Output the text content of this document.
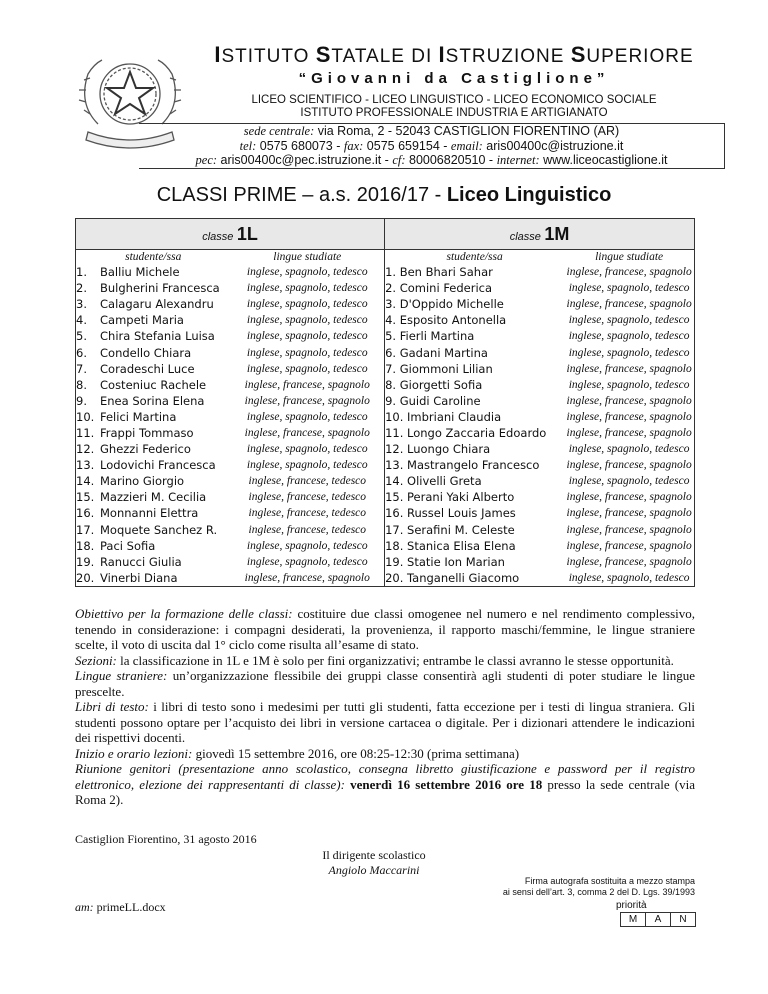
ISTITUTO STATALE DI ISTRUZIONE SUPERIORE
“Giovanni da Castiglione”
LICEO SCIENTIFICO - LICEO LINGUISTICO - LICEO ECONOMICO SOCIALE
ISTITUTO PROFESSIONALE INDUSTRIA E ARTIGIANATO
sede centrale: via Roma, 2 - 52043 CASTIGLION FIORENTINO (AR)
tel: 0575 680073 - fax: 0575 659154 - email: aris00400c@istruzione.it
pec: aris00400c@pec.istruzione.it - cf: 80006820510 - internet: www.liceocastiglione.it
CLASSI PRIME – a.s. 2016/17 - Liceo Linguistico
classe 1L		classe 1M	
studente/ssa	lingue studiate	studente/ssa	lingue studiate
1. Balliu Michele	inglese, spagnolo, tedesco	1. Ben Bhari Sahar	inglese, francese, spagnolo
2. Bulgherini Francesca	inglese, spagnolo, tedesco	2. Comini Federica	inglese, spagnolo, tedesco
3. Calagaru Alexandru	inglese, spagnolo, tedesco	3. D'Oppido Michelle	inglese, francese, spagnolo
4. Campeti Maria	inglese, spagnolo, tedesco	4. Esposito Antonella	inglese, spagnolo, tedesco
5. Chira Stefania Luisa	inglese, spagnolo, tedesco	5. Fierli Martina	inglese, spagnolo, tedesco
6. Condello Chiara	inglese, spagnolo, tedesco	6. Gadani Martina	inglese, spagnolo, tedesco
7. Coradeschi Luce	inglese, spagnolo, tedesco	7. Giommoni Lilian	inglese, francese, spagnolo
8. Costeniuc Rachele	inglese, francese, spagnolo	8. Giorgetti Sofia	inglese, spagnolo, tedesco
9. Enea Sorina Elena	inglese, francese, spagnolo	9. Guidi Caroline	inglese, francese, spagnolo
10. Felici Martina	inglese, spagnolo, tedesco	10. Imbriani Claudia	inglese, francese, spagnolo
11. Frappi Tommaso	inglese, francese, spagnolo	11. Longo Zaccaria Edoardo	inglese, francese, spagnolo
12. Ghezzi Federico	inglese, spagnolo, tedesco	12. Luongo Chiara	inglese, spagnolo, tedesco
13. Lodovichi Francesca	inglese, spagnolo, tedesco	13. Mastrangelo Francesco	inglese, francese, spagnolo
14. Marino Giorgio	inglese, francese, tedesco	14. Olivelli Greta	inglese, spagnolo, tedesco
15. Mazzieri M. Cecilia	inglese, francese, tedesco	15. Perani Yaki Alberto	inglese, francese, spagnolo
16. Monnanni Elettra	inglese, francese, tedesco	16. Russel Louis James	inglese, francese, spagnolo
17. Moquete Sanchez R.	inglese, francese, tedesco	17. Serafini M. Celeste	inglese, francese, spagnolo
18. Paci Sofia	inglese, spagnolo, tedesco	18. Stanica Elisa Elena	inglese, francese, spagnolo
19. Ranucci Giulia	inglese, spagnolo, tedesco	19. Statie Ion Marian	inglese, francese, spagnolo
20. Vinerbi Diana	inglese, francese, spagnolo	20. Tanganelli Giacomo	inglese, spagnolo, tedesco

Obiettivo per la formazione delle classi: costituire due classi omogenee nel numero e nel rendimento complessivo, tenendo in considerazione: i compagni desiderati, la provenienza, il rapporto maschi/femmine, le lingue straniere scelte, il voto di uscita dal 1° ciclo come risulta all’esame di stato.

Sezioni: la classificazione in 1L e 1M è solo per fini organizzativi; entrambe le classi avranno le stesse opportunità.

Lingue straniere: un’organizzazione flessibile dei gruppi classe consentirà agli studenti di poter studiare le lingue prescelte.

Libri di testo: i libri di testo sono i medesimi per tutti gli studenti, fatta eccezione per i testi di lingua straniera. Gli studenti possono optare per l’acquisto dei libri in versione cartacea o digitale. Per i dizionari attendere le indicazioni dei rispettivi docenti.

Inizio e orario lezioni: giovedì 15 settembre 2016, ore 08:25-12:30 (prima settimana)

Riunione genitori (presentazione anno scolastico, consegna libretto giustificazione e password per il registro elettronico, elezione dei rappresentanti di classe): venerdì 16 settembre 2016 ore 18 presso la sede centrale (via Roma 2).

Castiglion Fiorentino, 31 agosto 2016
Il dirigente scolastico
Angiolo Maccarini
Firma autografa sostituita a mezzo stampa
ai sensi dell’art. 3, comma 2 del D. Lgs. 39/1993
am: primeLL.docx	priorità
M	A	N
